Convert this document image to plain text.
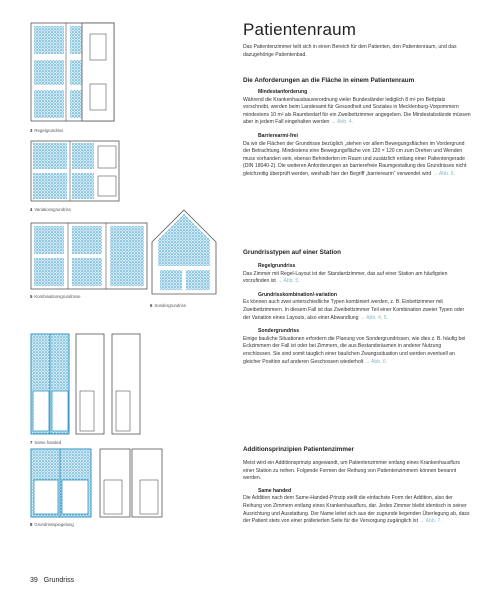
3 Regelgrundriss
4 Variationsgrundriss
5 Kombinationsgrundrisse
6 Sondergrundriss
7 Same handed
8 Grundrissspiegelung
Patientenraum

Das Patientenzimmer teilt sich in einen Bereich für den Patienten, den Patientenraum, und das dazugehörige Patientenbad.

Die Anforderungen an die Fläche in einem Patientenraum

Mindestanforderung

Während die Krankenhausbauverordnung vieler Bundesländer lediglich 8 m² pro Bettplatz vorschreibt, werden beim Landesamt für Gesundheit und Soziales in Mecklenburg-Vorpommern mindestens 10 m² als Raumbedarf für ein Zweibettzimmer angegeben. Die Mindestabstände müssen aber in jedem Fall eingehalten werden → Abb. 4.

Barrierearm/-frei

Da wir die Flächen der Grundrisse bezüglich „stehen vor allem Bewegungsflächen im Vordergrund der Betrachtung. Mindestens eine Bewegungsfläche von 120 × 120 cm zum Drehen und Wenden muss vorhanden sein, ebenso Behinderten im Raum und zusätzlich entlang einer Patientengerade (DIN 18040-2). Die weiteren Anforderungen an barrierefreie Raumgestaltung des Grundrisses nicht gleichzeitig überprüft werden, weshalb hier der Begriff „barrierearm“ verwendet wird → Abb. 6.

Grundrisstypen auf einer Station

Regelgrundriss

Das Zimmer mit Regel-Layout ist der Standardzimmer, das auf einer Station am häufigsten vorzufinden ist → Abb. 5.

Grundrisskombination/-variation

Es können auch zwei unterschiedliche Typen kombiniert werden, z. B. Einbettzimmer mit Zweibettzimmern. In diesem Fall ist das Zweibettzimmer Teil einer Kombination zweier Typen oder der Variation eines Layouts, also einer Abwandlung → Abb. 4, 5.

Sondergrundriss

Einige bauliche Situationen erfordern die Planung von Sondergrundrissen, wie dies z. B. häufig bei Eckzimmern der Fall ist oder bei Zimmern, die aus Bestandsräumen in anderer Nutzung erschlossen. Sie sind somit tauglich einer baulichen Zwangssituation und werden eventuell an gleicher Position auf anderen Geschossen wiederholt → Abb. 6.

Additionsprinzipien Patientenzimmer

Meist wird ein Additionsprinzip angewandt, um Patientenzimmer entlang eines Krankenhausflurs einer Station zu reihen. Folgende Formen der Reihung von Patientenzimmern können benannt werden.

Same handed

Die Addition nach dem Same-Handed-Prinzip stellt die einfachste Form der Addition, also der Reihung von Zimmern entlang eines Krankenhausflurs, dar. Jedes Zimmer bleibt identisch in seiner Ausrichtung und Ausstattung. Der Name leitet sich aus der zugrunde liegenden Überlegung ab, dass der Patient stets von einer präferierten Seite für die Versorgung zugänglich ist → Abb. 7.

39 Grundriss
